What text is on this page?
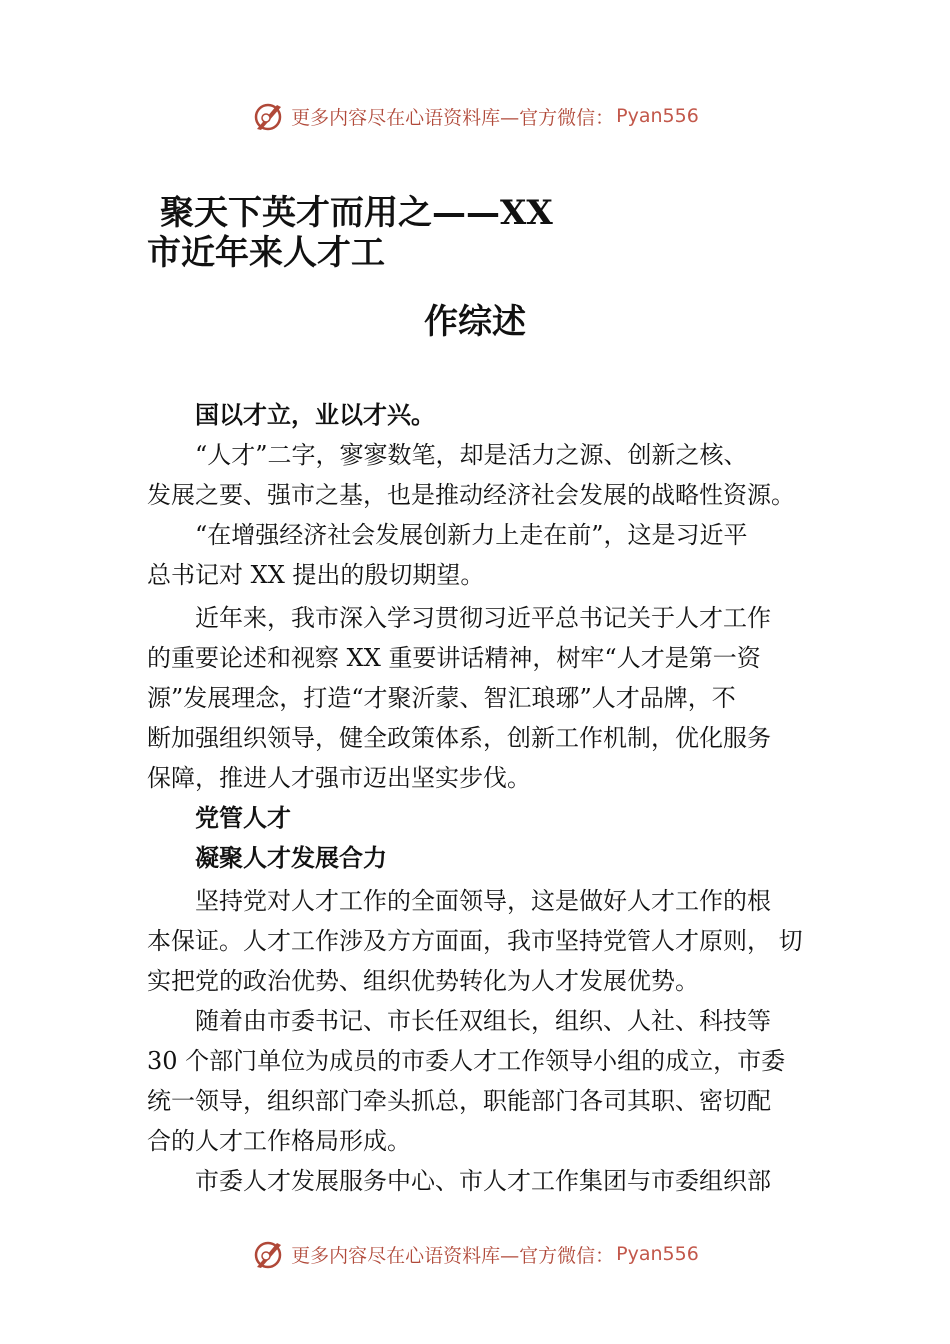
更多内容尽在心语资料库—官方微信： Pyan556
聚天下英才而用之——XX
市近年来人才工
作综述
国以才立，业以才兴。
“人才”二字，寥寥数笔，却是活力之源、创新之核、
发展之要、强市之基，也是推动经济社会发展的战略性资源。
“在增强经济社会发展创新力上走在前”，这是习近平
总书记对 XX 提出的殷切期望。
近年来，我市深入学习贯彻习近平总书记关于人才工作
的重要论述和视察 XX 重要讲话精神，树牢“人才是第一资
源”发展理念，打造“才聚沂蒙、智汇琅琊”人才品牌，不
断加强组织领导，健全政策体系，创新工作机制，优化服务
保障，推进人才强市迈出坚实步伐。
党管人才
凝聚人才发展合力
坚持党对人才工作的全面领导，这是做好人才工作的根
本保证。人才工作涉及方方面面，我市坚持党管人才原则， 切
实把党的政治优势、组织优势转化为人才发展优势。
随着由市委书记、市长任双组长，组织、人社、科技等
30 个部门单位为成员的市委人才工作领导小组的成立，市委
统一领导，组织部门牵头抓总，职能部门各司其职、密切配
合的人才工作格局形成。
市委人才发展服务中心、市人才工作集团与市委组织部
更多内容尽在心语资料库—官方微信： Pyan556
